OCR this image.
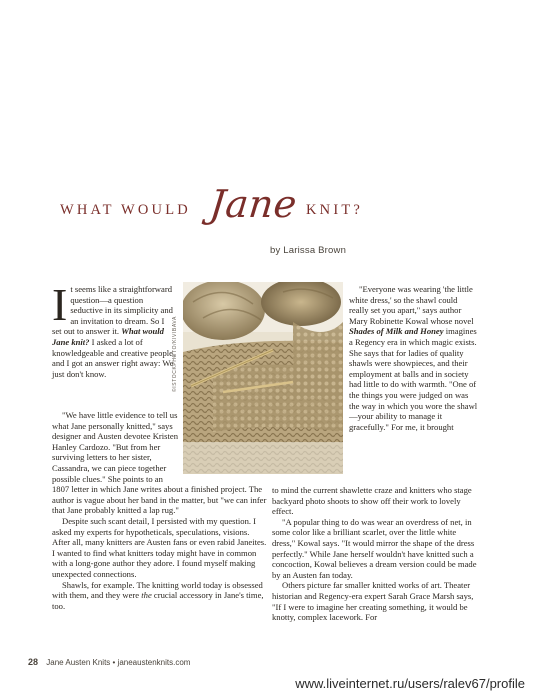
WHAT WOULD Jane KNIT?
by Larissa Brown

It seems like a straightforward question—a question seductive in its simplicity and an invitation to dream. So I set out to answer it. What would Jane knit? I asked a lot of knowledgeable and creative people, and I got an answer right away: We just don't know.

"We have little evidence to tell us what Jane personally knitted," says designer and Austen devotee Kristen Hanley Cardozo. "But from her surviving letters to her sister, Cassandra, we can piece together possible clues." She points to an 1807 letter in which Jane writes about a finished project. The author is vague about her band in the matter, but "we can infer that Jane probably knitted a lap rug."

Despite such scant detail, I persisted with my question. I asked my experts for hypotheticals, speculations, visions. After all, many knitters are Austen fans or even rabid Janeites. I wanted to find what knitters today might have in common with a long-gone author they adore. I found myself making unexpected connections.

Shawls, for example. The knitting world today is obsessed with them, and they were the crucial accessory in Jane's time, too.

©ISTOCKPHOTO/KIVIBAVA

"Everyone was wearing 'the little white dress,' so the shawl could really set you apart," says author Mary Robinette Kowal whose novel Shades of Milk and Honey imagines a Regency era in which magic exists. She says that for ladies of quality shawls were showpieces, and their employment at balls and in society had little to do with warmth. "One of the things you were judged on was the way in which you wore the shawl—your ability to manage it gracefully." For me, it brought

to mind the current shawlette craze and knitters who stage backyard photo shoots to show off their work to lovely effect.

"A popular thing to do was wear an overdress of net, in some color like a brilliant scarlet, over the little white dress," Kowal says. "It would mirror the shape of the dress perfectly." While Jane herself wouldn't have knitted such a concoction, Kowal believes a dream version could be made by an Austen fan today.

Others picture far smaller knitted works of art. Theater historian and Regency-era expert Sarah Grace Marsh says, "If I were to imagine her creating something, it would be knotty, complex lacework. For

28 Jane Austen Knits • janeaustenknits.com
www.liveinternet.ru/users/ralev67/profile
